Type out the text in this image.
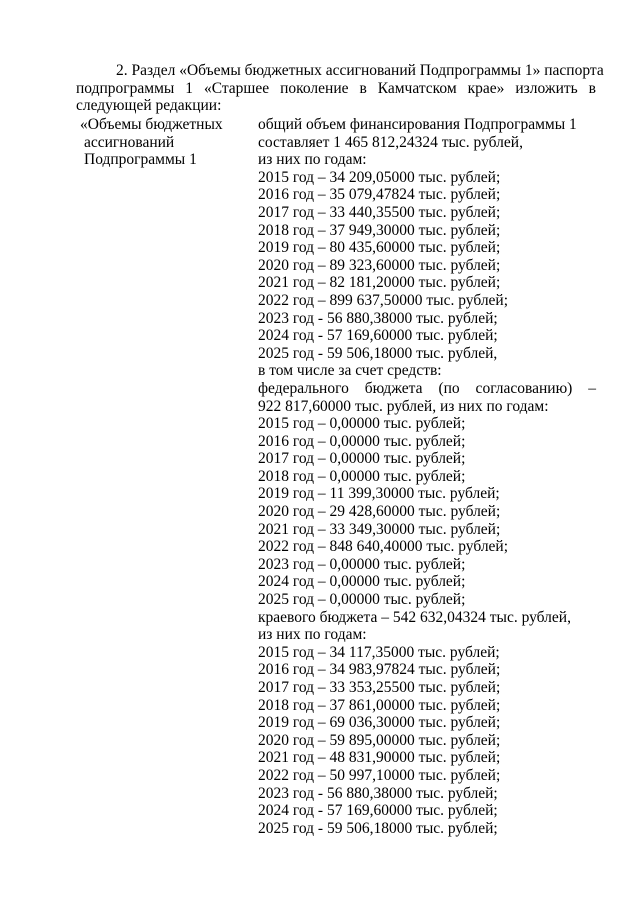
2. Раздел «Объемы бюджетных ассигнований Подпрограммы 1» паспорта
подпрограммы 1 «Старшее поколение в Камчатском крае» изложить в
следующей редакции:
«Объемы бюджетных
ассигнований
Подпрограммы 1
общий объем финансирования Подпрограммы 1
составляет 1 465 812,24324 тыс. рублей,
из них по годам:
2015 год – 34 209,05000 тыс. рублей;
2016 год – 35 079,47824 тыс. рублей;
2017 год – 33 440,35500 тыс. рублей;
2018 год – 37 949,30000 тыс. рублей;
2019 год – 80 435,60000 тыс. рублей;
2020 год – 89 323,60000 тыс. рублей;
2021 год – 82 181,20000 тыс. рублей;
2022 год – 899 637,50000 тыс. рублей;
2023 год - 56 880,38000 тыс. рублей;
2024 год - 57 169,60000 тыс. рублей;
2025 год - 59 506,18000 тыс. рублей,
в том числе за счет средств:
федерального бюджета (по согласованию) –
922 817,60000 тыс. рублей, из них по годам:
2015 год – 0,00000 тыс. рублей;
2016 год – 0,00000 тыс. рублей;
2017 год – 0,00000 тыс. рублей;
2018 год – 0,00000 тыс. рублей;
2019 год – 11 399,30000 тыс. рублей;
2020 год – 29 428,60000 тыс. рублей;
2021 год – 33 349,30000 тыс. рублей;
2022 год – 848 640,40000 тыс. рублей;
2023 год – 0,00000 тыс. рублей;
2024 год – 0,00000 тыс. рублей;
2025 год – 0,00000 тыс. рублей;
краевого бюджета – 542 632,04324 тыс. рублей,
из них по годам:
2015 год – 34 117,35000 тыс. рублей;
2016 год – 34 983,97824 тыс. рублей;
2017 год – 33 353,25500 тыс. рублей;
2018 год – 37 861,00000 тыс. рублей;
2019 год – 69 036,30000 тыс. рублей;
2020 год – 59 895,00000 тыс. рублей;
2021 год – 48 831,90000 тыс. рублей;
2022 год – 50 997,10000 тыс. рублей;
2023 год - 56 880,38000 тыс. рублей;
2024 год - 57 169,60000 тыс. рублей;
2025 год - 59 506,18000 тыс. рублей;
